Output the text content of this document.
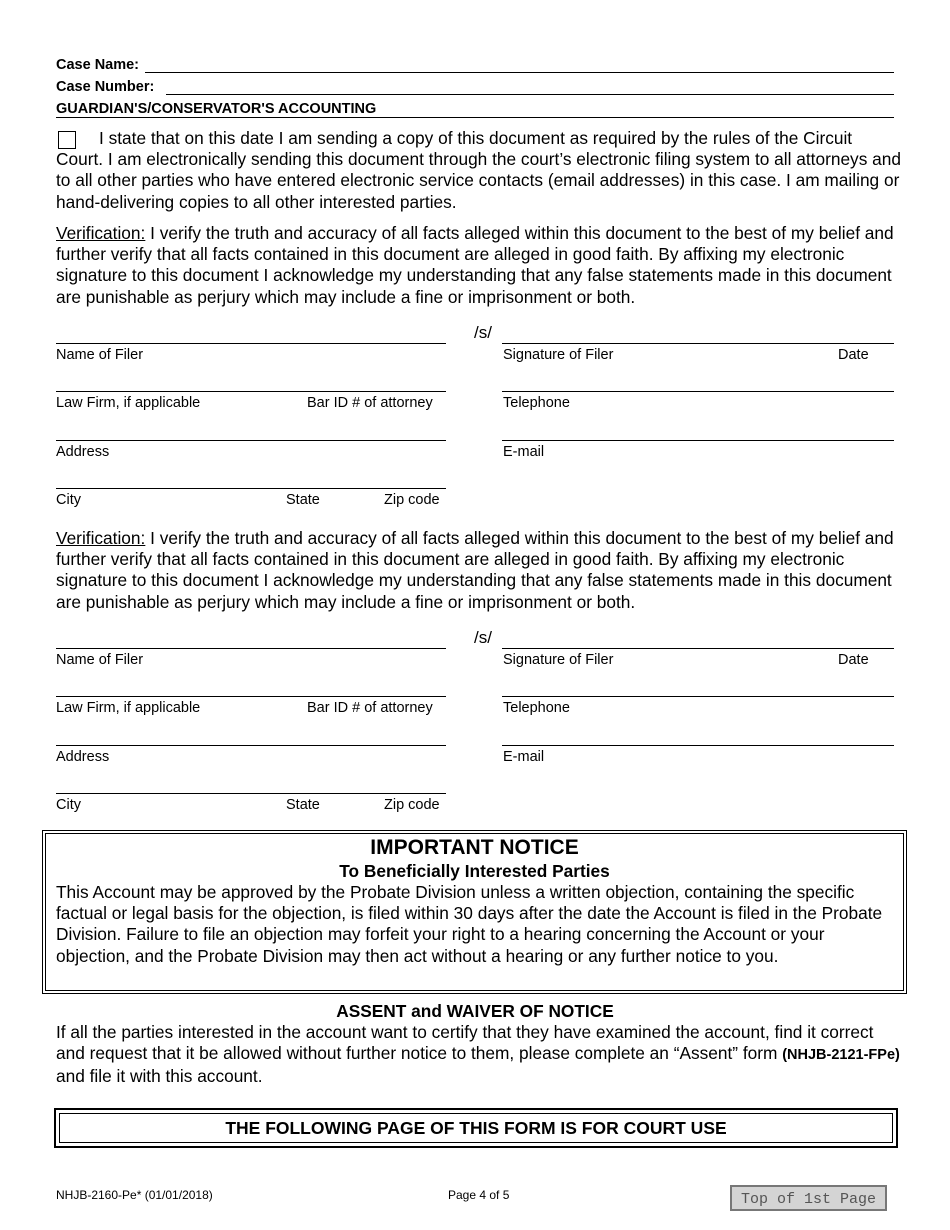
Case Name:
Case Number:
GUARDIAN'S/CONSERVATOR'S ACCOUNTING
I state that on this date I am sending a copy of this document as required by the rules of the Circuit Court. I am electronically sending this document through the court’s electronic filing system to all attorneys and to all other parties who have entered electronic service contacts (email addresses) in this case. I am mailing or hand-delivering copies to all other interested parties.
Verification: I verify the truth and accuracy of all facts alleged within this document to the best of my belief and further verify that all facts contained in this document are alleged in good faith. By affixing my electronic signature to this document I acknowledge my understanding that any false statements made in this document are punishable as perjury which may include a fine or imprisonment or both.
/s/
Name of Filer	Signature of Filer	Date
Law Firm, if applicable	Bar ID # of attorney	Telephone
Address	E-mail
City	State	Zip code
Verification: I verify the truth and accuracy of all facts alleged within this document to the best of my belief and further verify that all facts contained in this document are alleged in good faith. By affixing my electronic signature to this document I acknowledge my understanding that any false statements made in this document are punishable as perjury which may include a fine or imprisonment or both.
/s/
Name of Filer	Signature of Filer	Date
Law Firm, if applicable	Bar ID # of attorney	Telephone
Address	E-mail
City	State	Zip code
IMPORTANT NOTICE
To Beneficially Interested Parties
This Account may be approved by the Probate Division unless a written objection, containing the specific factual or legal basis for the objection, is filed within 30 days after the date the Account is filed in the Probate Division. Failure to file an objection may forfeit your right to a hearing concerning the Account or your objection, and the Probate Division may then act without a hearing or any further notice to you.
ASSENT and WAIVER OF NOTICE
If all the parties interested in the account want to certify that they have examined the account, find it correct and request that it be allowed without further notice to them, please complete an “Assent” form (NHJB-2121-FPe) and file it with this account.
THE FOLLOWING PAGE OF THIS FORM IS FOR COURT USE
NHJB-2160-Pe* (01/01/2018)	Page 4 of 5	Top of 1st Page
